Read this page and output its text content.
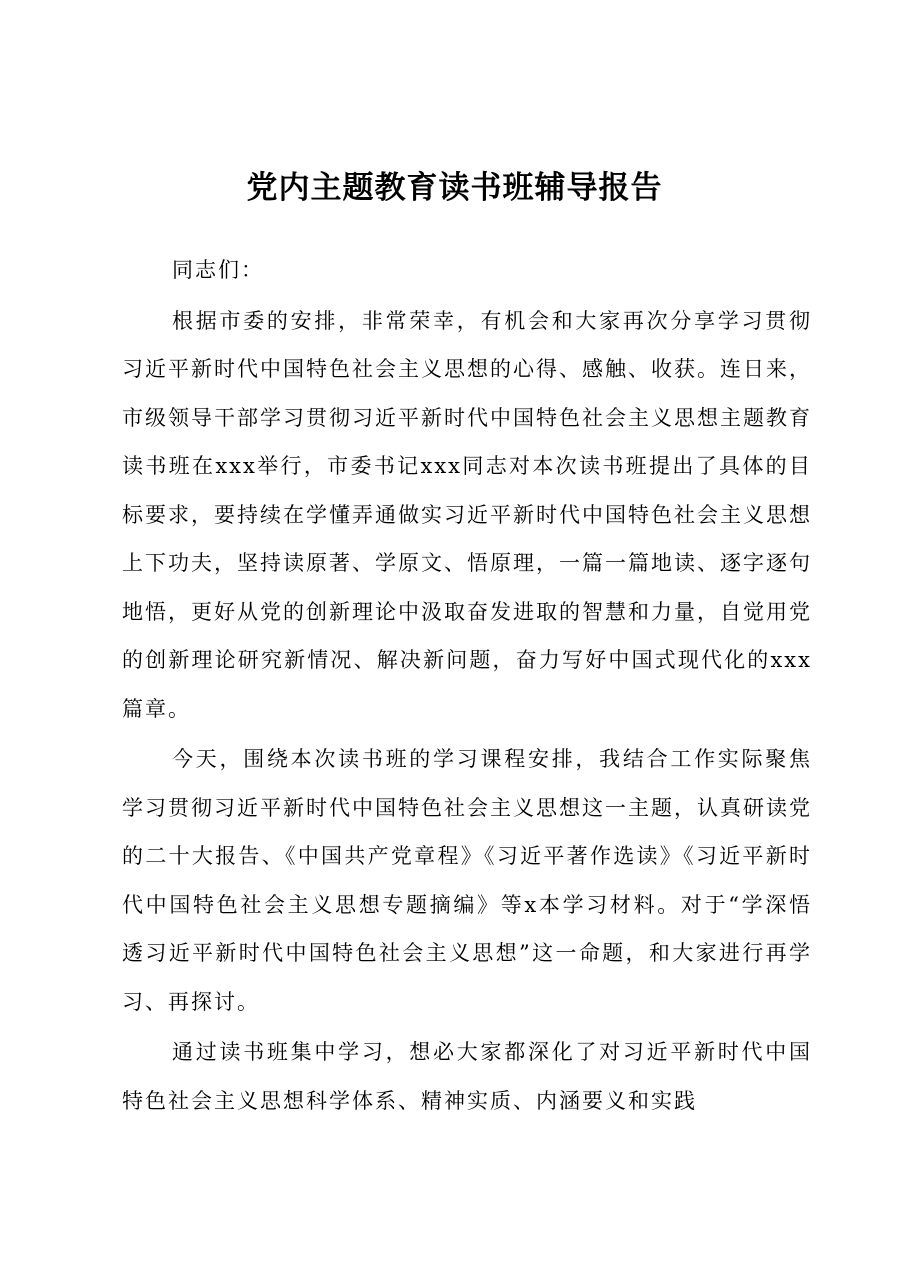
党内主题教育读书班辅导报告

同志们：

根据市委的安排，非常荣幸，有机会和大家再次分享学习贯彻习近平新时代中国特色社会主义思想的心得、感触、收获。连日来，市级领导干部学习贯彻习近平新时代中国特色社会主义思想主题教育读书班在xxx举行，市委书记xxx同志对本次读书班提出了具体的目标要求，要持续在学懂弄通做实习近平新时代中国特色社会主义思想上下功夫，坚持读原著、学原文、悟原理，一篇一篇地读、逐字逐句地悟，更好从党的创新理论中汲取奋发进取的智慧和力量，自觉用党的创新理论研究新情况、解决新问题，奋力写好中国式现代化的xxx篇章。

今天，围绕本次读书班的学习课程安排，我结合工作实际聚焦学习贯彻习近平新时代中国特色社会主义思想这一主题，认真研读党的二十大报告、《中国共产党章程》《习近平著作选读》《习近平新时代中国特色社会主义思想专题摘编》等x本学习材料。对于“学深悟透习近平新时代中国特色社会主义思想”这一命题，和大家进行再学习、再探讨。

通过读书班集中学习，想必大家都深化了对习近平新时代中国特色社会主义思想科学体系、精神实质、内涵要义和实践
